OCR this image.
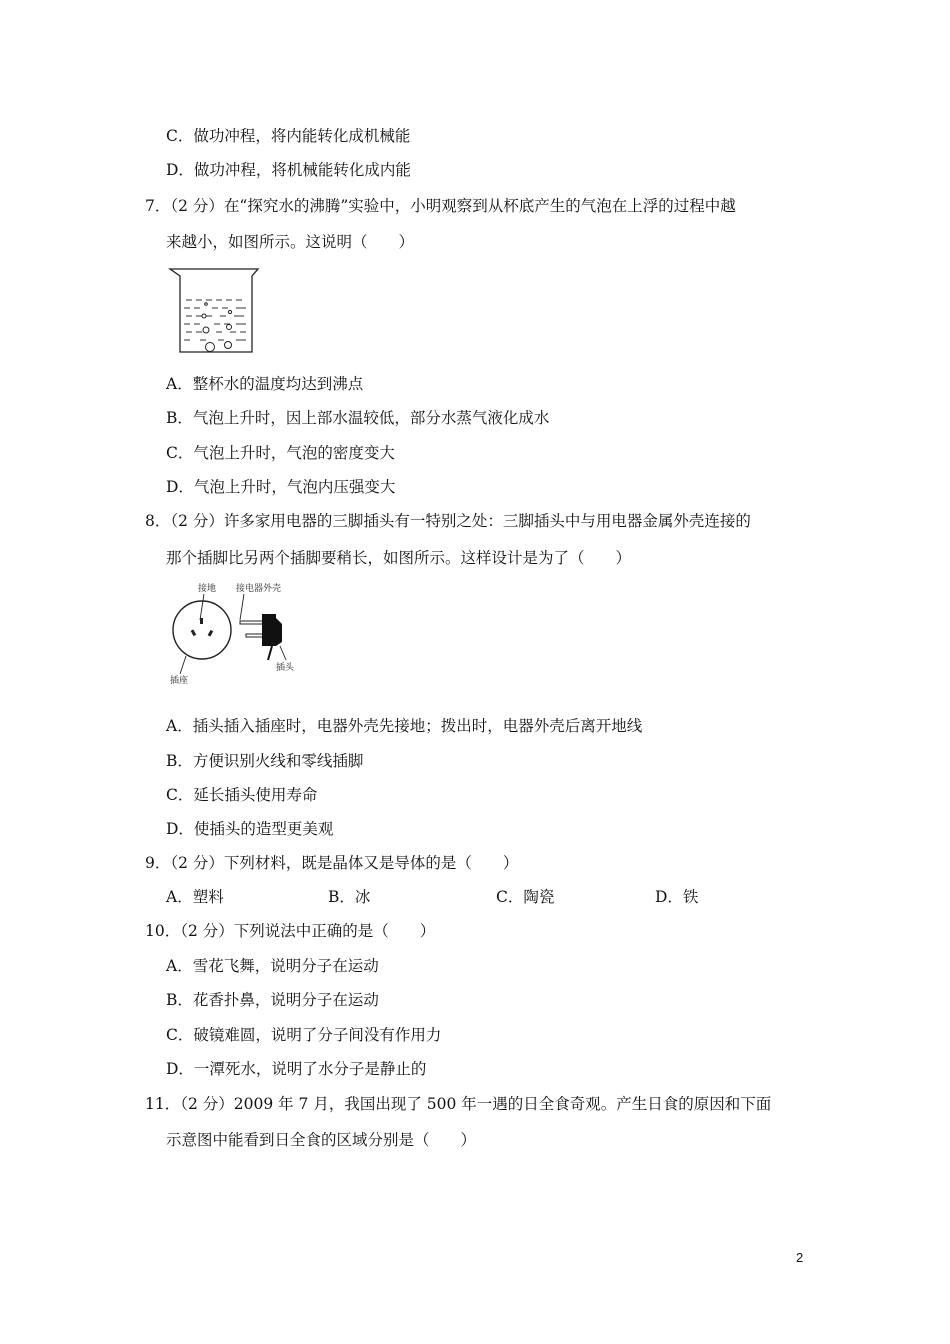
C．做功冲程，将内能转化成机械能
D．做功冲程，将机械能转化成内能
7．（2 分）在“探究水的沸腾”实验中，小明观察到从杯底产生的气泡在上浮的过程中越
来越小，如图所示。这说明（　　）
A．整杯水的温度均达到沸点
B．气泡上升时，因上部水温较低，部分水蒸气液化成水
C．气泡上升时，气泡的密度变大
D．气泡上升时，气泡内压强变大
8．（2 分）许多家用电器的三脚插头有一特别之处：三脚插头中与用电器金属外壳连接的
那个插脚比另两个插脚要稍长，如图所示。这样设计是为了（　　）
接地 接电器外壳
插座
插头
A．插头插入插座时，电器外壳先接地；拨出时，电器外壳后离开地线
B．方便识别火线和零线插脚
C．延长插头使用寿命
D．使插头的造型更美观
9．（2 分）下列材料，既是晶体又是导体的是（　　）
A．塑料	B．冰	C．陶瓷	D．铁
10．（2 分）下列说法中正确的是（　　）
A．雪花飞舞，说明分子在运动
B．花香扑鼻，说明分子在运动
C．破镜难圆，说明了分子间没有作用力
D．一潭死水，说明了水分子是静止的
11．（2 分）2009 年 7 月，我国出现了 500 年一遇的日全食奇观。产生日食的原因和下面
示意图中能看到日全食的区域分别是（　　）
2
